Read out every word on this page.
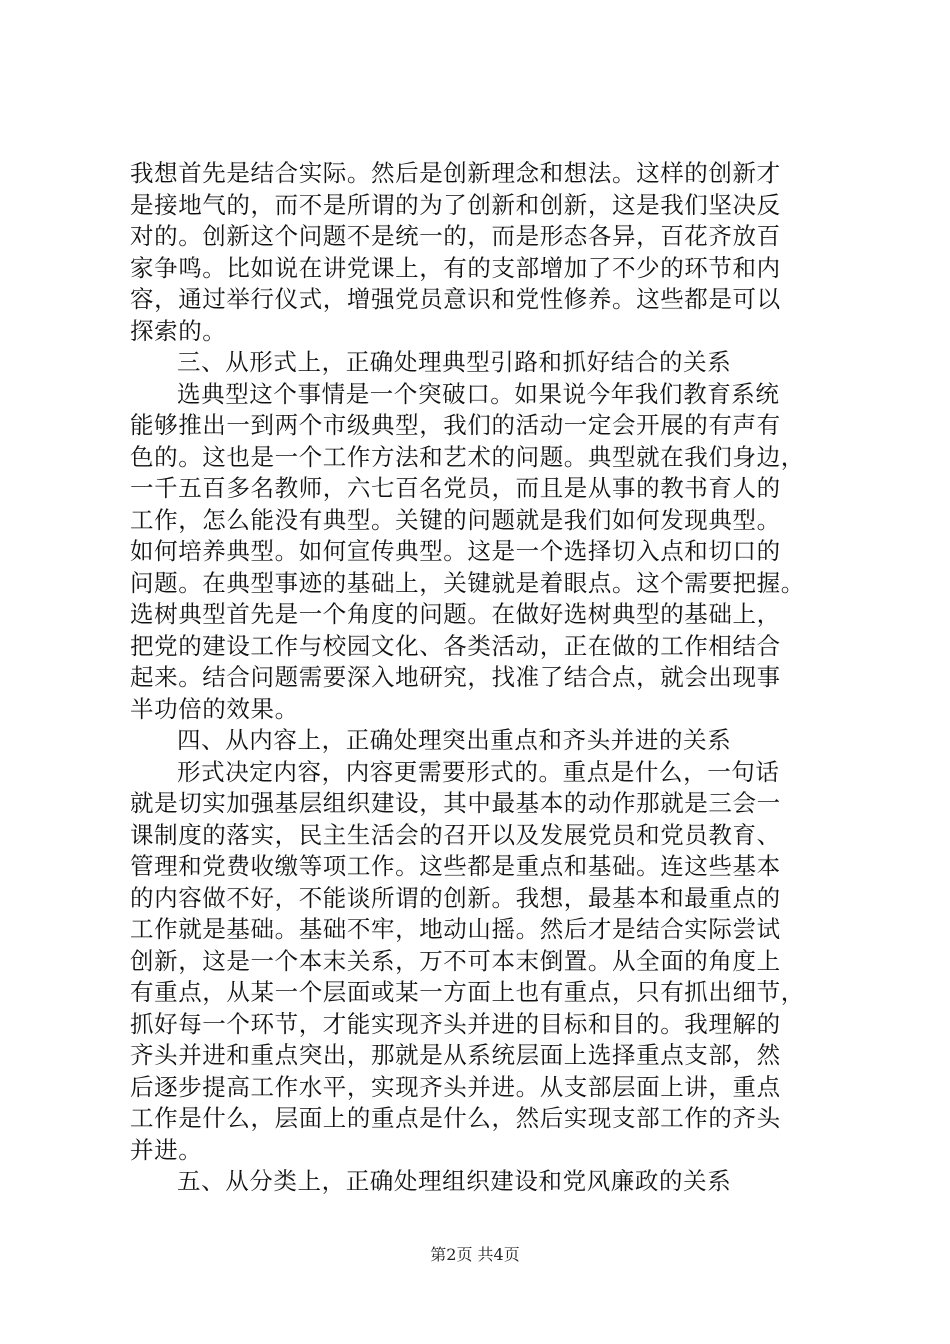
我想首先是结合实际。然后是创新理念和想法。这样的创新才
是接地气的，而不是所谓的为了创新和创新，这是我们坚决反
对的。创新这个问题不是统一的，而是形态各异，百花齐放百
家争鸣。比如说在讲党课上，有的支部增加了不少的环节和内
容，通过举行仪式，增强党员意识和党性修养。这些都是可以
探索的。
三、从形式上，正确处理典型引路和抓好结合的关系
选典型这个事情是一个突破口。如果说今年我们教育系统
能够推出一到两个市级典型，我们的活动一定会开展的有声有
色的。这也是一个工作方法和艺术的问题。典型就在我们身边，
一千五百多名教师，六七百名党员，而且是从事的教书育人的
工作，怎么能没有典型。关键的问题就是我们如何发现典型。
如何培养典型。如何宣传典型。这是一个选择切入点和切口的
问题。在典型事迹的基础上，关键就是着眼点。这个需要把握。
选树典型首先是一个角度的问题。在做好选树典型的基础上，
把党的建设工作与校园文化、各类活动，正在做的工作相结合
起来。结合问题需要深入地研究，找准了结合点，就会出现事
半功倍的效果。
四、从内容上，正确处理突出重点和齐头并进的关系
形式决定内容，内容更需要形式的。重点是什么，一句话
就是切实加强基层组织建设，其中最基本的动作那就是三会一
课制度的落实，民主生活会的召开以及发展党员和党员教育、
管理和党费收缴等项工作。这些都是重点和基础。连这些基本
的内容做不好，不能谈所谓的创新。我想，最基本和最重点的
工作就是基础。基础不牢，地动山摇。然后才是结合实际尝试
创新，这是一个本末关系，万不可本末倒置。从全面的角度上
有重点，从某一个层面或某一方面上也有重点，只有抓出细节，
抓好每一个环节，才能实现齐头并进的目标和目的。我理解的
齐头并进和重点突出，那就是从系统层面上选择重点支部，然
后逐步提高工作水平，实现齐头并进。从支部层面上讲，重点
工作是什么，层面上的重点是什么，然后实现支部工作的齐头
并进。
五、从分类上，正确处理组织建设和党风廉政的关系
第2页 共4页
